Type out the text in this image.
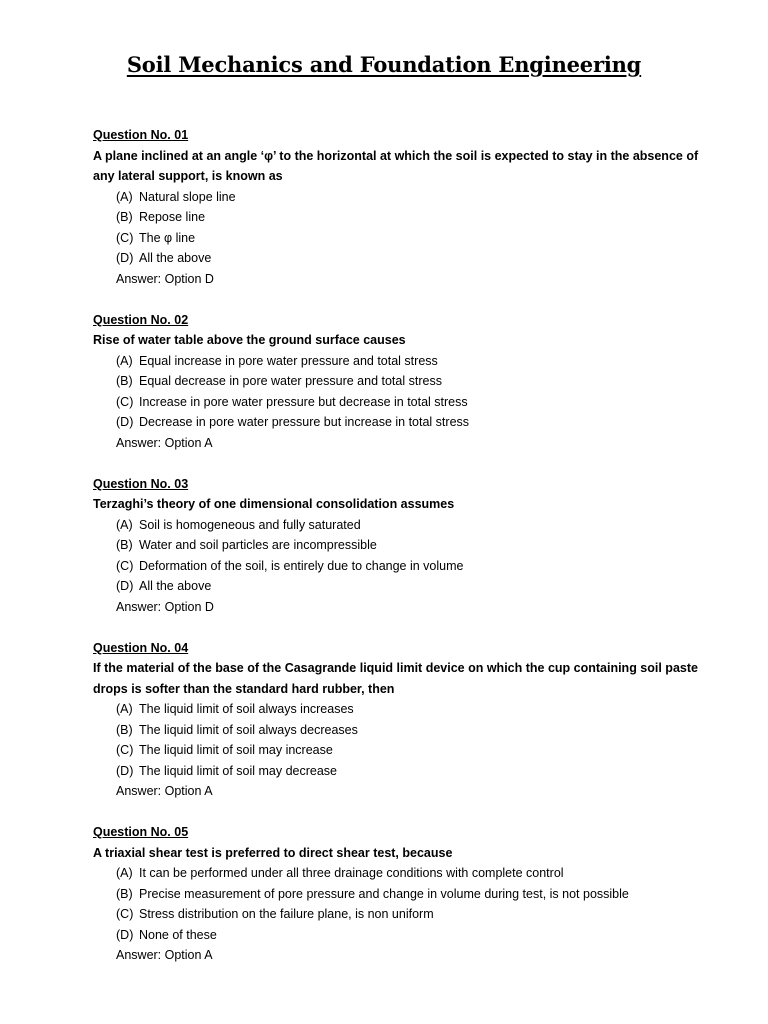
Soil Mechanics and Foundation Engineering
Question No. 01
A plane inclined at an angle ‘φ’ to the horizontal at which the soil is expected to stay in the absence of any lateral support, is known as
(A) Natural slope line
(B) Repose line
(C) The φ line
(D) All the above
Answer: Option D
Question No. 02
Rise of water table above the ground surface causes
(A) Equal increase in pore water pressure and total stress
(B) Equal decrease in pore water pressure and total stress
(C) Increase in pore water pressure but decrease in total stress
(D) Decrease in pore water pressure but increase in total stress
Answer: Option A
Question No. 03
Terzaghi’s theory of one dimensional consolidation assumes
(A) Soil is homogeneous and fully saturated
(B) Water and soil particles are incompressible
(C) Deformation of the soil, is entirely due to change in volume
(D) All the above
Answer: Option D
Question No. 04
If the material of the base of the Casagrande liquid limit device on which the cup containing soil paste drops is softer than the standard hard rubber, then
(A) The liquid limit of soil always increases
(B) The liquid limit of soil always decreases
(C) The liquid limit of soil may increase
(D) The liquid limit of soil may decrease
Answer: Option A
Question No. 05
A triaxial shear test is preferred to direct shear test, because
(A) It can be performed under all three drainage conditions with complete control
(B) Precise measurement of pore pressure and change in volume during test, is not possible
(C) Stress distribution on the failure plane, is non uniform
(D) None of these
Answer: Option A
